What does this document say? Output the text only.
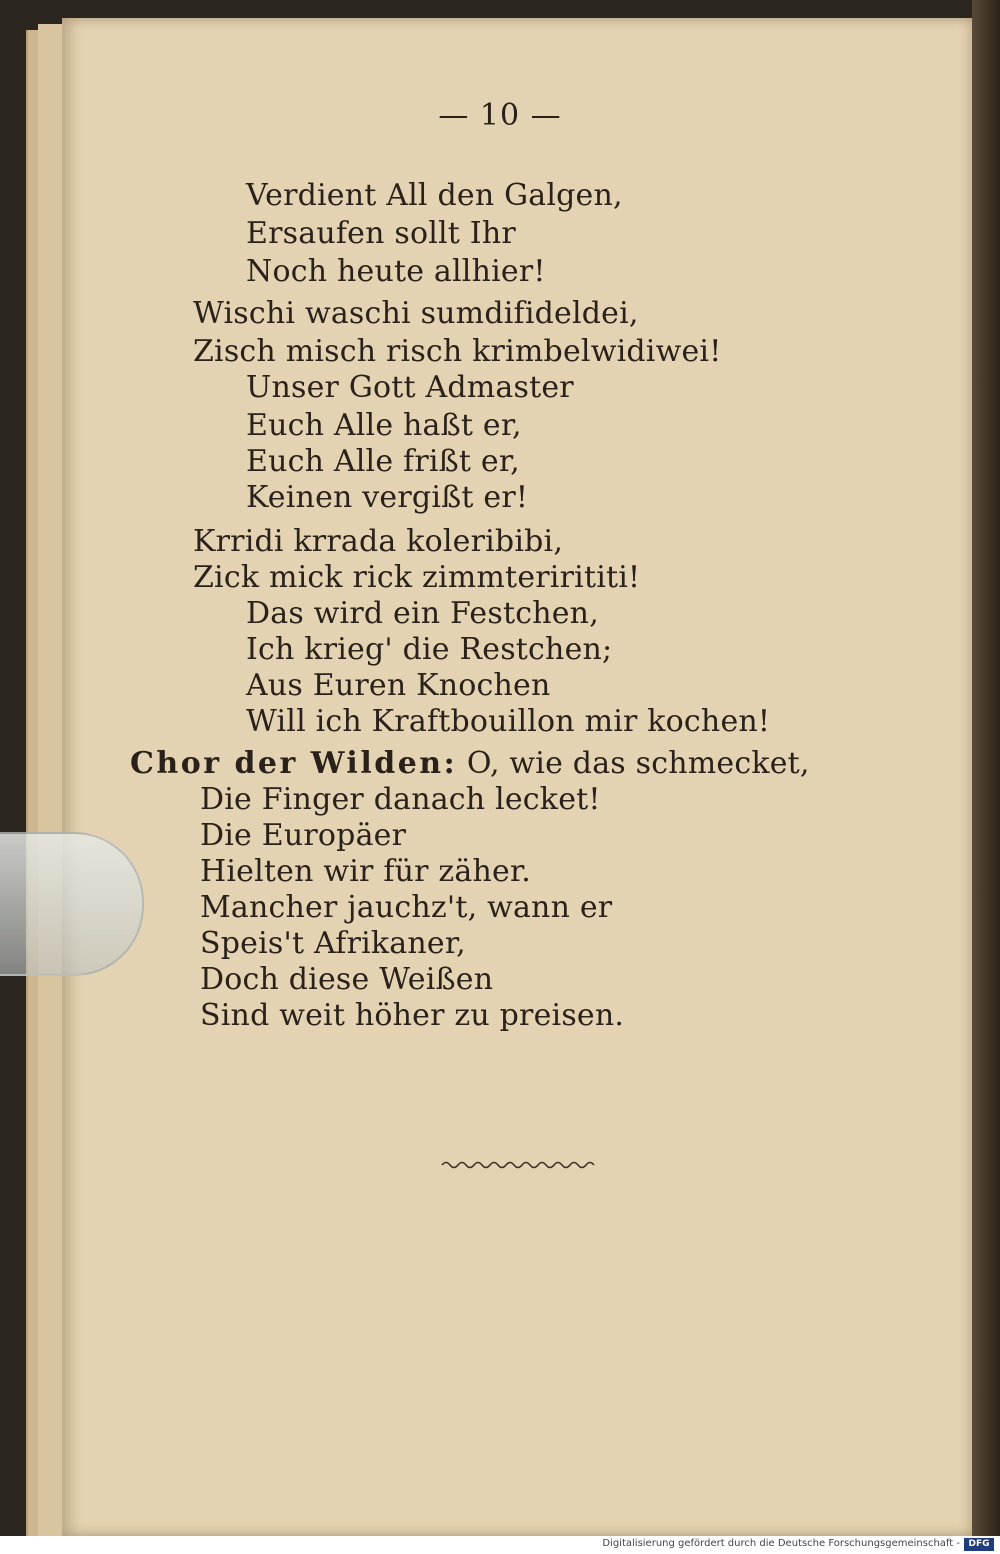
— 10 —
Verdient All den Galgen,
Ersaufen sollt Ihr
Noch heute allhier!
Wischi waschi sumdifideldei,
Zisch misch risch krimbelwidiwei!
Unser Gott Admaster
Euch Alle haßt er,
Euch Alle frißt er,
Keinen vergißt er!
Krridi krrada koleribibi,
Zick mick rick zimmterirititi!
Das wird ein Festchen,
Ich krieg' die Restchen;
Aus Euren Knochen
Will ich Kraftbouillon mir kochen!
Chor der Wilden: O, wie das schmecket,
Die Finger danach lecket!
Die Europäer
Hielten wir für zäher.
Mancher jauchz't, wann er
Speis't Afrikaner,
Doch diese Weißen
Sind weit höher zu preisen.
Digitalisierung gefördert durch die Deutsche Forschungsgemeinschaft - DFG
